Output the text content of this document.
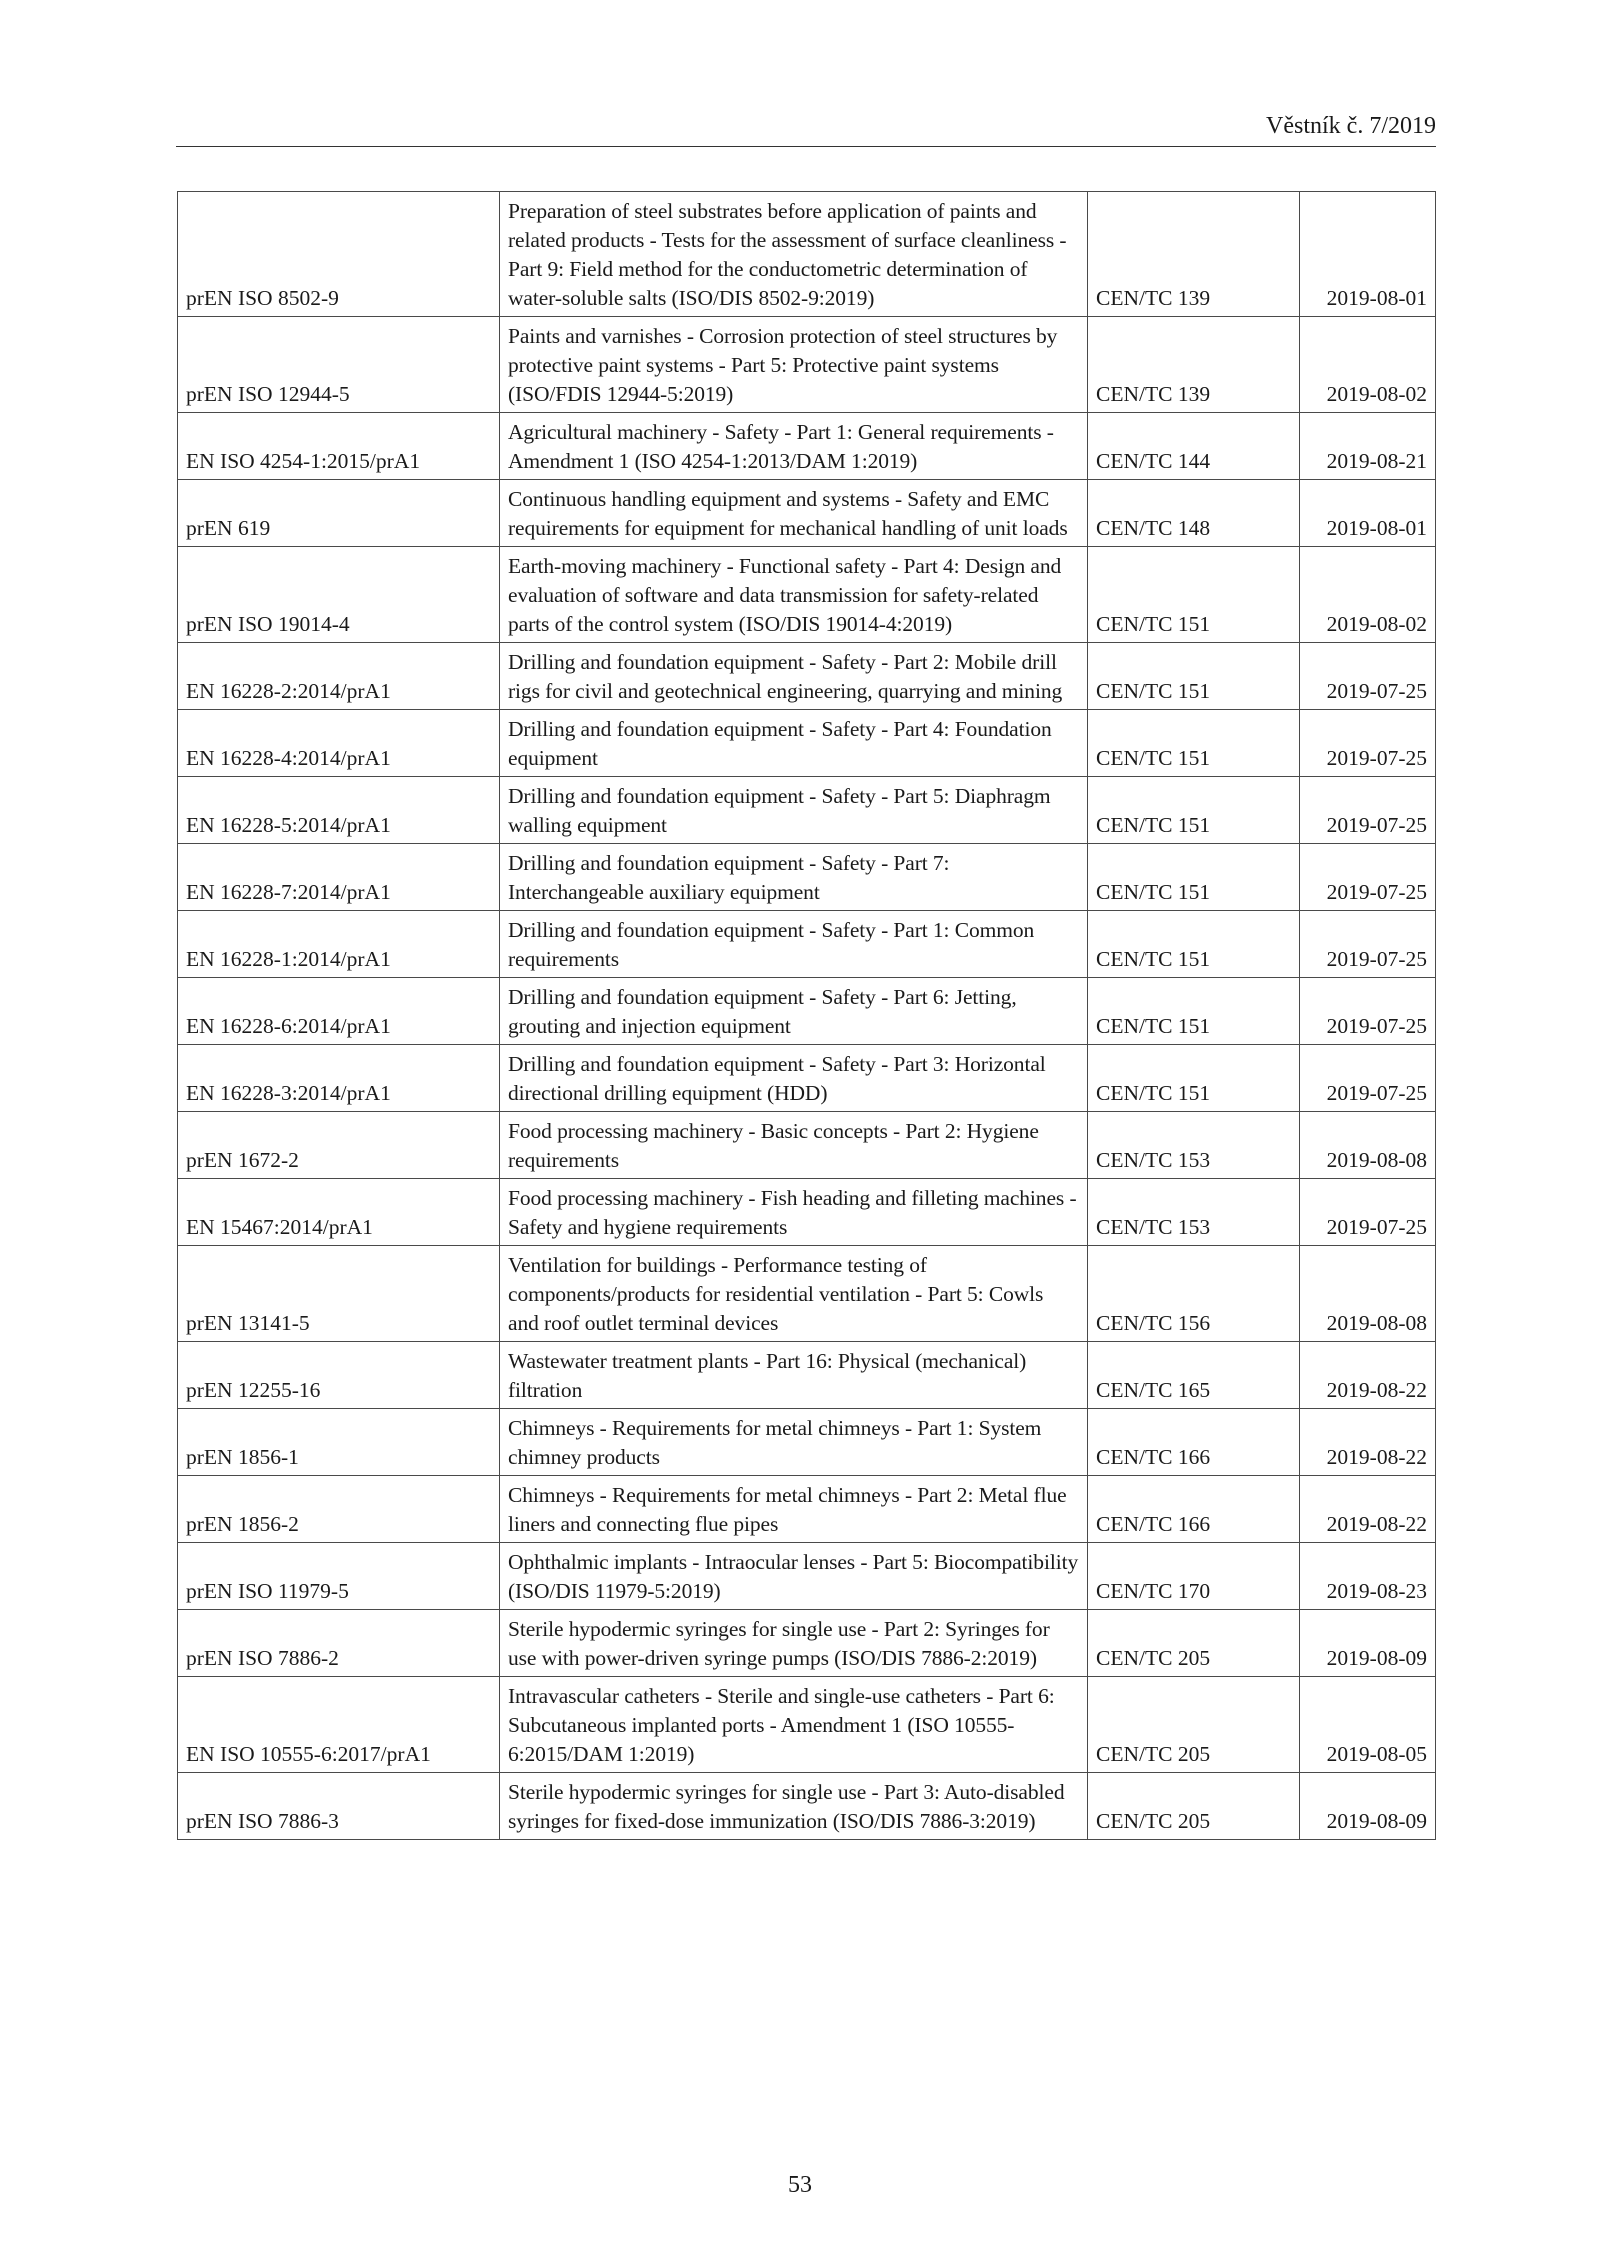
Věstník č. 7/2019
prEN ISO 8502-9	Preparation of steel substrates before application of paints and related products - Tests for the assessment of surface cleanliness - Part 9: Field method for the conductometric determination of water-soluble salts (ISO/DIS 8502-9:2019)	CEN/TC 139	2019-08-01
prEN ISO 12944-5	Paints and varnishes - Corrosion protection of steel structures by protective paint systems - Part 5: Protective paint systems (ISO/FDIS 12944-5:2019)	CEN/TC 139	2019-08-02
EN ISO 4254-1:2015/prA1	Agricultural machinery - Safety - Part 1: General requirements - Amendment 1 (ISO 4254-1:2013/DAM 1:2019)	CEN/TC 144	2019-08-21
prEN 619	Continuous handling equipment and systems - Safety and EMC requirements for equipment for mechanical handling of unit loads	CEN/TC 148	2019-08-01
prEN ISO 19014-4	Earth-moving machinery - Functional safety - Part 4: Design and evaluation of software and data transmission for safety-related parts of the control system (ISO/DIS 19014-4:2019)	CEN/TC 151	2019-08-02
EN 16228-2:2014/prA1	Drilling and foundation equipment - Safety - Part 2: Mobile drill rigs for civil and geotechnical engineering, quarrying and mining	CEN/TC 151	2019-07-25
EN 16228-4:2014/prA1	Drilling and foundation equipment - Safety - Part 4: Foundation equipment	CEN/TC 151	2019-07-25
EN 16228-5:2014/prA1	Drilling and foundation equipment - Safety - Part 5: Diaphragm walling equipment	CEN/TC 151	2019-07-25
EN 16228-7:2014/prA1	Drilling and foundation equipment - Safety - Part 7: Interchangeable auxiliary equipment	CEN/TC 151	2019-07-25
EN 16228-1:2014/prA1	Drilling and foundation equipment - Safety - Part 1: Common requirements	CEN/TC 151	2019-07-25
EN 16228-6:2014/prA1	Drilling and foundation equipment - Safety - Part 6: Jetting, grouting and injection equipment	CEN/TC 151	2019-07-25
EN 16228-3:2014/prA1	Drilling and foundation equipment - Safety - Part 3: Horizontal directional drilling equipment (HDD)	CEN/TC 151	2019-07-25
prEN 1672-2	Food processing machinery - Basic concepts - Part 2: Hygiene requirements	CEN/TC 153	2019-08-08
EN 15467:2014/prA1	Food processing machinery - Fish heading and filleting machines - Safety and hygiene requirements	CEN/TC 153	2019-07-25
prEN 13141-5	Ventilation for buildings - Performance testing of components/products for residential ventilation - Part 5: Cowls and roof outlet terminal devices	CEN/TC 156	2019-08-08
prEN 12255-16	Wastewater treatment plants - Part 16: Physical (mechanical) filtration	CEN/TC 165	2019-08-22
prEN 1856-1	Chimneys - Requirements for metal chimneys - Part 1: System chimney products	CEN/TC 166	2019-08-22
prEN 1856-2	Chimneys - Requirements for metal chimneys - Part 2: Metal flue liners and connecting flue pipes	CEN/TC 166	2019-08-22
prEN ISO 11979-5	Ophthalmic implants - Intraocular lenses - Part 5: Biocompatibility (ISO/DIS 11979-5:2019)	CEN/TC 170	2019-08-23
prEN ISO 7886-2	Sterile hypodermic syringes for single use - Part 2: Syringes for use with power-driven syringe pumps (ISO/DIS 7886-2:2019)	CEN/TC 205	2019-08-09
EN ISO 10555-6:2017/prA1	Intravascular catheters - Sterile and single-use catheters - Part 6: Subcutaneous implanted ports - Amendment 1 (ISO 10555-6:2015/DAM 1:2019)	CEN/TC 205	2019-08-05
prEN ISO 7886-3	Sterile hypodermic syringes for single use - Part 3: Auto-disabled syringes for fixed-dose immunization (ISO/DIS 7886-3:2019)	CEN/TC 205	2019-08-09
53
